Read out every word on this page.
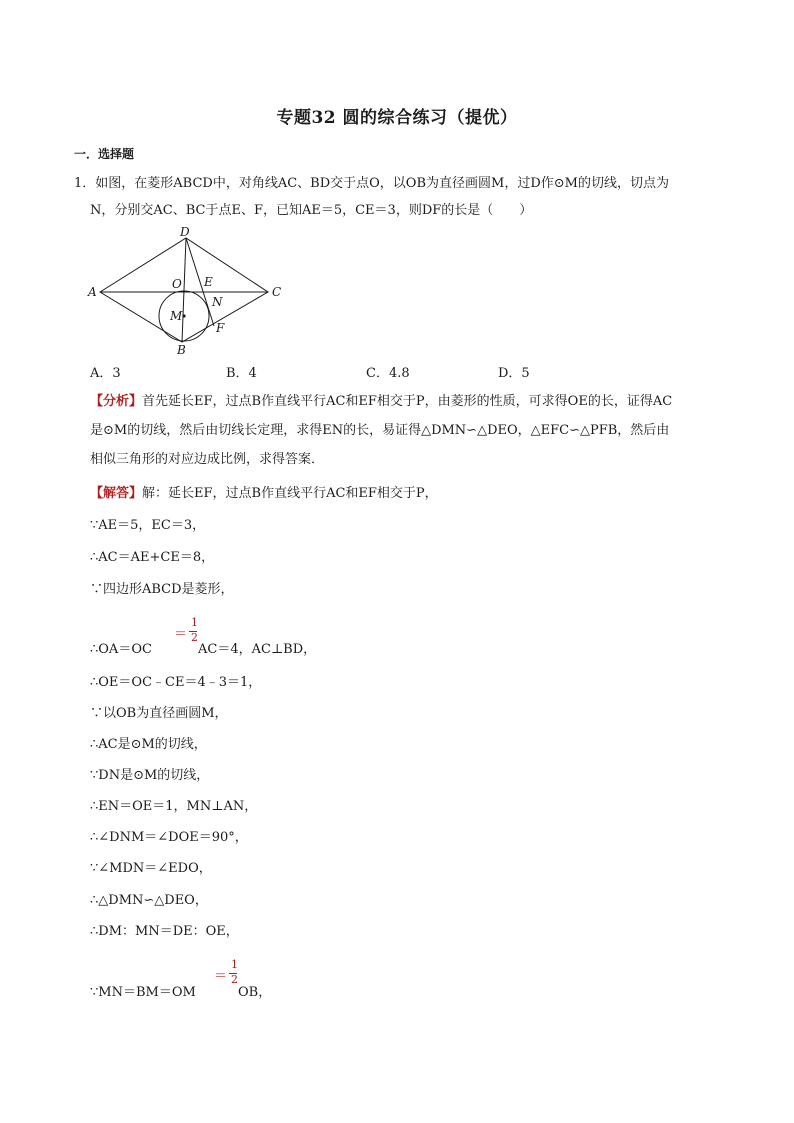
专题32 圆的综合练习（提优）
一．选择题
1．如图，在菱形ABCD中，对角线AC、BD交于点O，以OB为直径画圆M，过D作⊙M的切线，切点为
N，分别交AC、BC于点E、F，已知AE＝5，CE＝3，则DF的长是（　　）
D
A	C
B
O E
N
M
F
A．3	B．4	C．4.8	D．5
【分析】首先延长EF，过点B作直线平行AC和EF相交于P，由菱形的性质，可求得OE的长，证得AC
是⊙M的切线，然后由切线长定理，求得EN的长，易证得△DMN∽△DEO，△EFC∽△PFB，然后由
相似三角形的对应边成比例，求得答案．
【解答】解：延长EF，过点B作直线平行AC和EF相交于P，
∵AE＝5，EC＝3，
∴AC＝AE+CE＝8，
∵四边形ABCD是菱形，
∴OA＝OC
＝
1
2
AC＝4，AC⊥BD，
∴OE＝OC﹣CE＝4﹣3＝1，
∵以OB为直径画圆M，
∴AC是⊙M的切线，
∵DN是⊙M的切线，
∴EN＝OE＝1，MN⊥AN，
∴∠DNM＝∠DOE＝90°，
∵∠MDN＝∠EDO，
∴△DMN∽△DEO，
∴DM：MN＝DE：OE，
∵MN＝BM＝OM
＝
1
2
OB，
